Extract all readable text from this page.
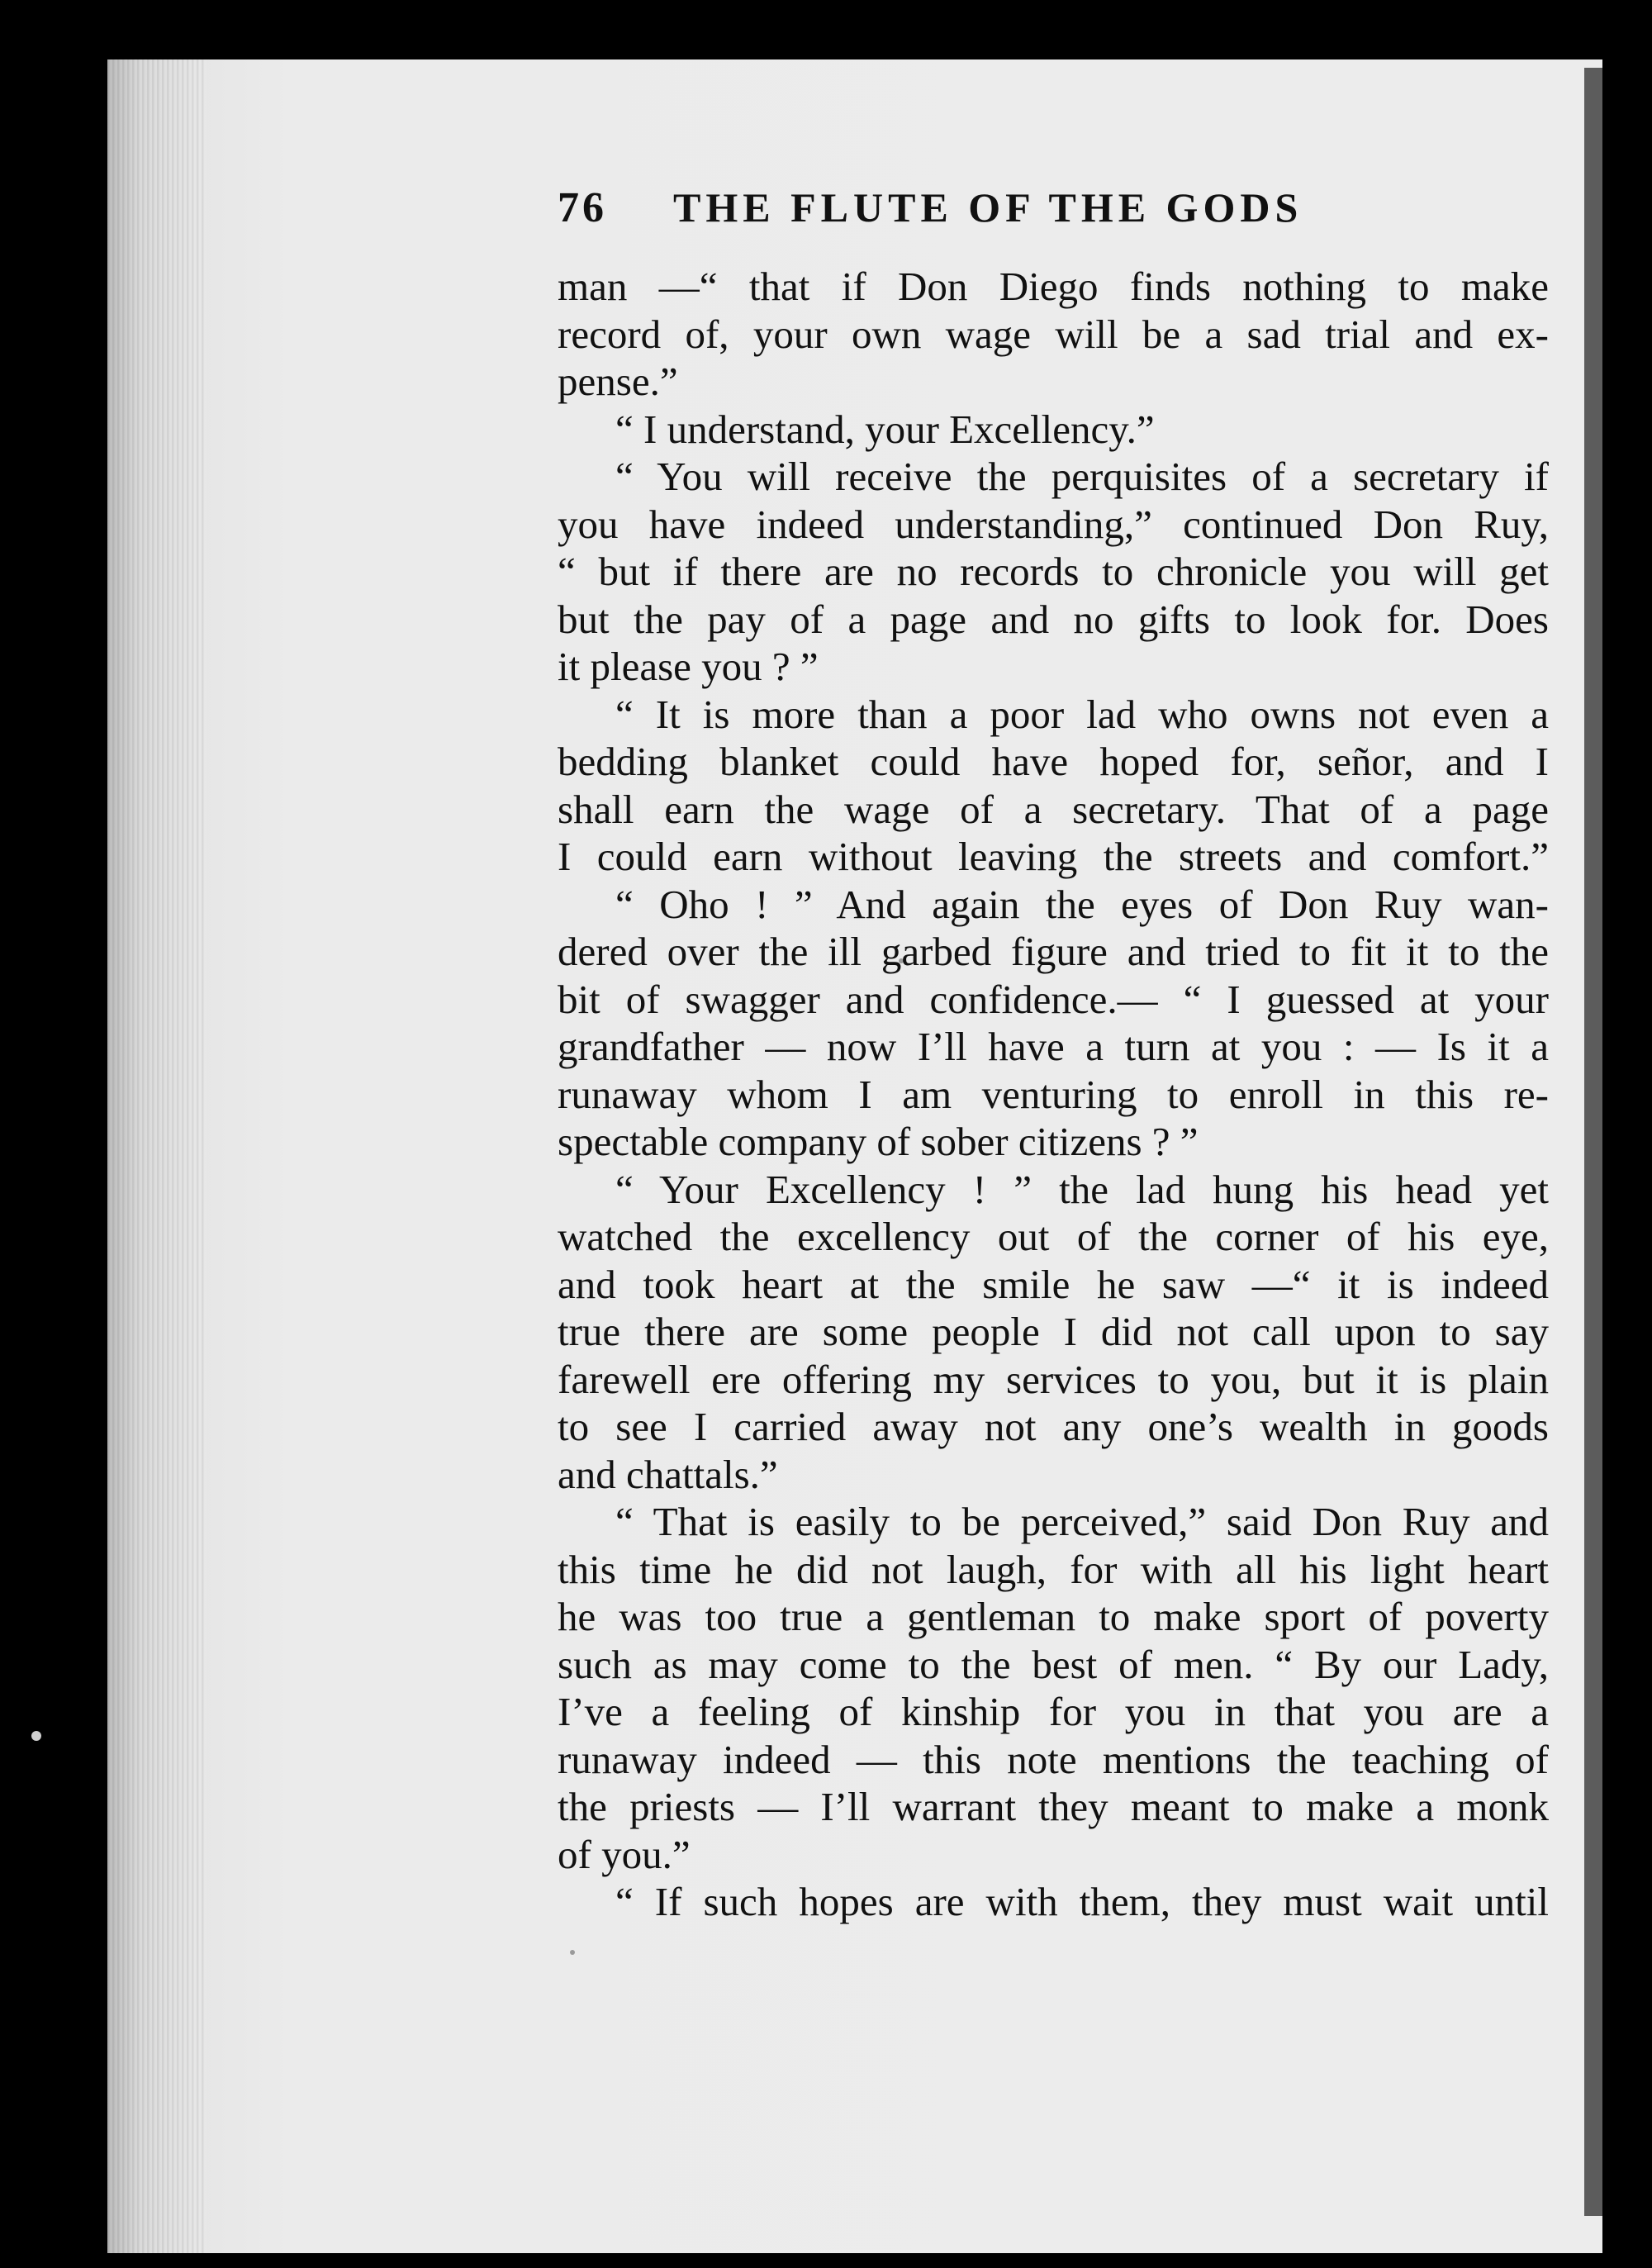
76	THE FLUTE OF THE GODS
man —“ that if Don Diego finds nothing to make
record of, your own wage will be a sad trial and ex-
pense.”
“ I understand, your Excellency.”
“ You will receive the perquisites of a secretary if
you have indeed understanding,” continued Don Ruy,
“ but if there are no records to chronicle you will get
but the pay of a page and no gifts to look for. Does
it please you ? ”
“ It is more than a poor lad who owns not even a
bedding blanket could have hoped for, señor, and I
shall earn the wage of a secretary. That of a page
I could earn without leaving the streets and comfort.”
“ Oho ! ” And again the eyes of Don Ruy wan-
dered over the ill garbed figure and tried to fit it to the
bit of swagger and confidence.— “ I guessed at your
grandfather — now I’ll have a turn at you : — Is it a
runaway whom I am venturing to enroll in this re-
spectable company of sober citizens ? ”
“ Your Excellency ! ” the lad hung his head yet
watched the excellency out of the corner of his eye,
and took heart at the smile he saw —“ it is indeed
true there are some people I did not call upon to say
farewell ere offering my services to you, but it is plain
to see I carried away not any one’s wealth in goods
and chattals.”
“ That is easily to be perceived,” said Don Ruy and
this time he did not laugh, for with all his light heart
he was too true a gentleman to make sport of poverty
such as may come to the best of men. “ By our Lady,
I’ve a feeling of kinship for you in that you are a
runaway indeed — this note mentions the teaching of
the priests — I’ll warrant they meant to make a monk
of you.”
“ If such hopes are with them, they must wait until
